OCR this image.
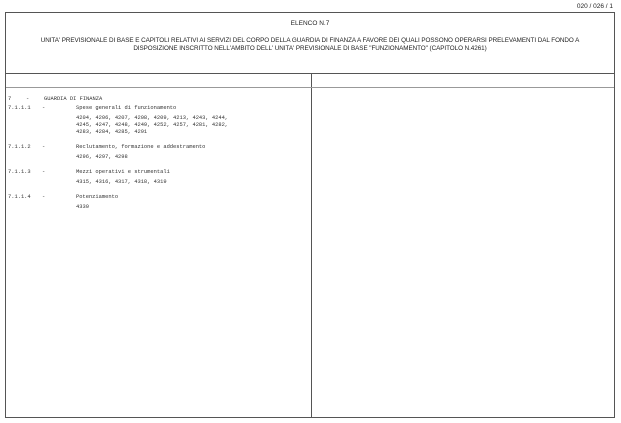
020 / 026 / 1
ELENCO N.7
UNITA' PREVISIONALE DI BASE E CAPITOLI RELATIVI AI SERVIZI DEL CORPO DELLA GUARDIA DI FINANZA A FAVORE DEI QUALI POSSONO OPERARSI PRELEVAMENTI DAL FONDO A
DISPOSIZIONE INSCRITTO NELL'AMBITO DELL' UNITA' PREVISIONALE DI BASE "FUNZIONAMENTO" (CAPITOLO N.4261)
7	-	GUARDIA DI FINANZA
7.1.1.1 -	Spese generali di funzionamento
4204, 4206, 4207, 4208, 4209, 4213, 4243, 4244,
4245, 4247, 4248, 4249, 4252, 4257, 4281, 4282,
4283, 4284, 4285, 4291
7.1.1.2 -	Reclutamento, formazione e addestramento
4296, 4297, 4298
7.1.1.3 -	Mezzi operativi e strumentali
4315, 4316, 4317, 4318, 4319
7.1.1.4 -	Potenziamento
4330
